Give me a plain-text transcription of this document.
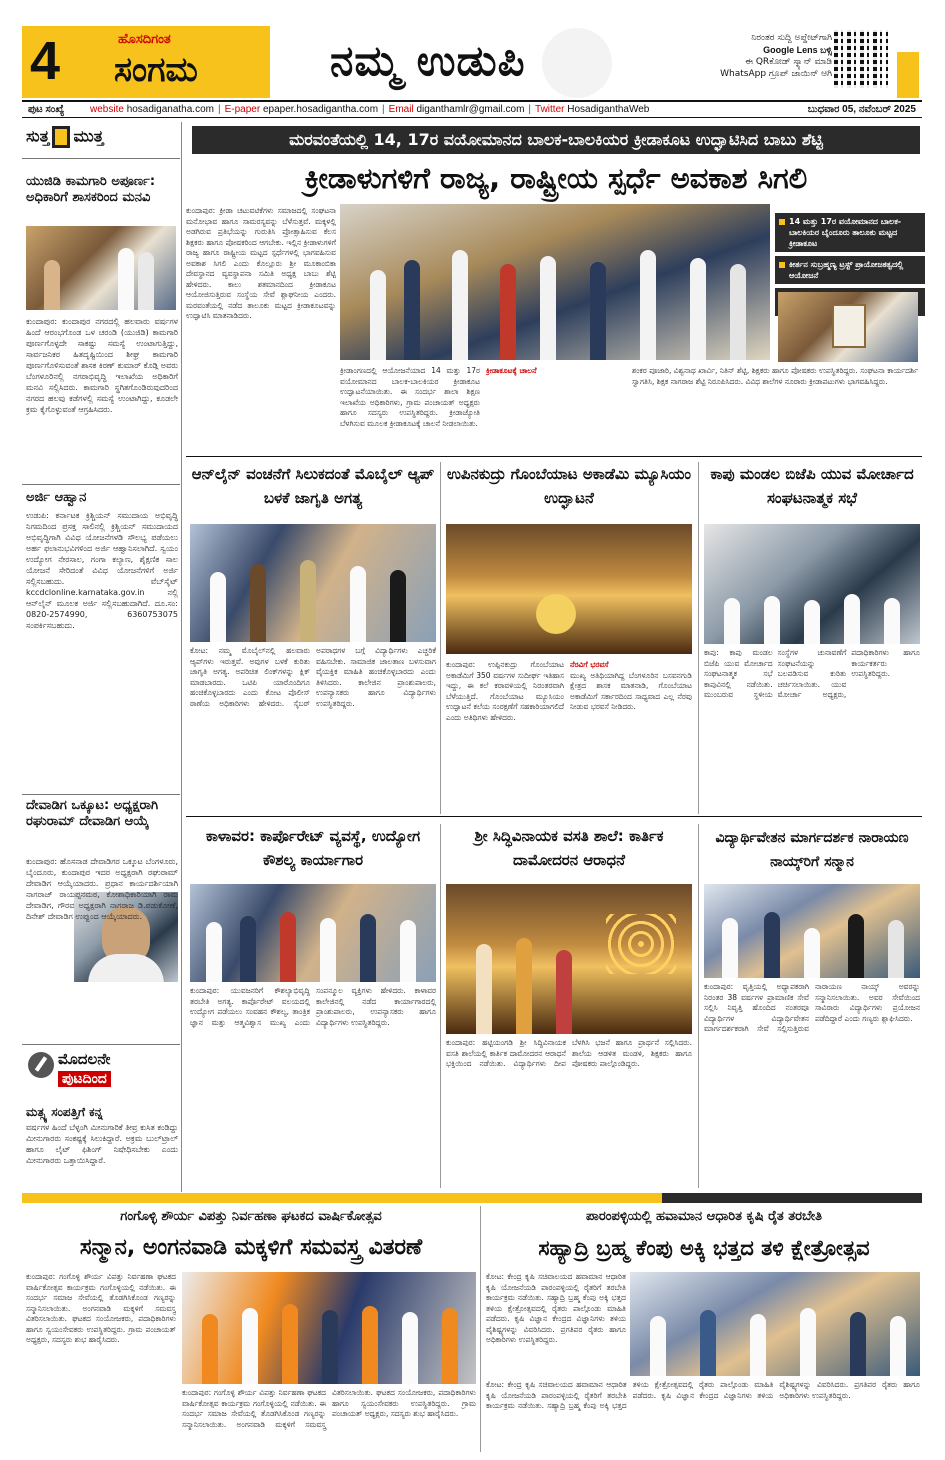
4	ಹೊಸದಿಗಂತ
ಸಂಗಮ	ನಮ್ಮ ಉಡುಪಿ	ನಿರಂತರ ಸುದ್ದಿ ಅಪ್ಡೇಟ್‌ಗಾಗಿ
Google Lens ಬಳ್ಸಿ
ಈ QRಕೋಡ್ ಸ್ಕ್ಯಾನ್ ಮಾಡಿ
WhatsApp ಗ್ರೂಪ್ ಜಾಯಿನ್ ಆಗಿ
ಪುಟ ಸಂಖ್ಯೆ	website
hosadiganatha.com | E-paper
epaper.hosadigantha.com | Email
diganthamlr@gmail.com | Twitter
HosadiganthaWeb	ಬುಧವಾರ 05, ನವೆಂಬರ್ 2025
ಸುತ್ತ ಮುತ್ತ
ಯುಜಿಡಿ ಕಾಮಗಾರಿ ಅಪೂರ್ಣ: ಅಧಿಕಾರಿಗೆ ಶಾಸಕರಿಂದ ಮನವಿ
ಕುಂದಾಪುರ: ಕುಂದಾಪುರ ನಗರದಲ್ಲಿ ಹಲವಾರು ವರ್ಷಗಳ ಹಿಂದೆ ಆರಂಭಗೊಂಡ ಒಳ ಚರಂಡಿ (ಯುಜಿಡಿ) ಕಾಮಗಾರಿ ಪೂರ್ಣಗೊಳ್ಳದೇ ಸಾಕಷ್ಟು ಸಮಸ್ಯೆ ಉಂಟಾಗುತ್ತಿದ್ದು, ಸಾರ್ವಜನಿಕರ ಹಿತದೃಷ್ಟಿಯಿಂದ ಶೀಘ್ರ ಕಾಮಗಾರಿ ಪೂರ್ಣಗೊಳಿಸುವಂತೆ ಶಾಸಕ ಕಿರಣ್ ಕುಮಾರ್ ಕೊಡ್ಗಿ ಅವರು ಬೆಂಗಳೂರಿನಲ್ಲಿ ನಗರಾಭಿವೃದ್ಧಿ ಇಲಾಖೆಯ ಅಧಿಕಾರಿಗೆ ಮನವಿ ಸಲ್ಲಿಸಿದರು. ಕಾಮಗಾರಿ ಸ್ಥಗಿತಗೊಂಡಿರುವುದರಿಂದ ನಗರದ ಹಲವು ಕಡೆಗಳಲ್ಲಿ ಸಮಸ್ಯೆ ಉಂಟಾಗಿದ್ದು, ಕೂಡಲೇ ಕ್ರಮ ಕೈಗೊಳ್ಳುವಂತೆ ಆಗ್ರಹಿಸಿದರು.
ಅರ್ಜಿ ಆಹ್ವಾನ
ಉಡುಪಿ: ಕರ್ನಾಟಕ ಕ್ರಿಶ್ಚಿಯನ್ ಸಮುದಾಯ ಅಭಿವೃದ್ಧಿ ನಿಗಮದಿಂದ ಪ್ರಸಕ್ತ ಸಾಲಿನಲ್ಲಿ ಕ್ರಿಶ್ಚಿಯನ್ ಸಮುದಾಯದ ಅಭಿವೃದ್ಧಿಗಾಗಿ ವಿವಿಧ ಯೋಜನೆಗಳಡಿ ಸೌಲಭ್ಯ ಪಡೆಯಲು ಅರ್ಹ ಫಲಾನುಭವಿಗಳಿಂದ ಅರ್ಜಿ ಆಹ್ವಾನಿಸಲಾಗಿದೆ. ಸ್ವಯಂ ಉದ್ಯೋಗ ನೇರಸಾಲ, ಗಂಗಾ ಕಲ್ಯಾಣ, ಶೈಕ್ಷಣಿಕ ಸಾಲ ಯೋಜನೆ ಸೇರಿದಂತೆ ವಿವಿಧ ಯೋಜನೆಗಳಿಗೆ ಅರ್ಜಿ ಸಲ್ಲಿಸಬಹುದು. ವೆಬ್‌ಸೈಟ್ kccdclonline.karnataka.gov.in ನಲ್ಲಿ ಆನ್‌ಲೈನ್ ಮೂಲಕ ಅರ್ಜಿ ಸಲ್ಲಿಸಬಹುದಾಗಿದೆ. ದೂ.ಸಂ: 0820-2574990, 6360753075 ಸಂಪರ್ಕಿಸಬಹುದು.
ದೇವಾಡಿಗ ಒಕ್ಕೂಟ: ಅಧ್ಯಕ್ಷರಾಗಿ ರಘುರಾಮ್ ದೇವಾಡಿಗ ಆಯ್ಕೆ
ಕುಂದಾಪುರ: ಹೊಸನಾಡ ದೇವಾಡಿಗರ ಒಕ್ಕೂಟ ಬೆಂಗಳೂರು, ಬೈಂದೂರು, ಕುಂದಾಪುರ ಇದರ ಅಧ್ಯಕ್ಷರಾಗಿ ರಘುರಾಮ್ ದೇವಾಡಿಗ ಆಯ್ಕೆಯಾದರು. ಪ್ರಧಾನ ಕಾರ್ಯದರ್ಶಿಯಾಗಿ ನಾಗರಾಜ್ ರಾಯಪ್ಪನಮಠ, ಕೋಶಾಧಿಕಾರಿಯಾಗಿ ರಾಮ ದೇವಾಡಿಗ, ಗೌರವ ಅಧ್ಯಕ್ಷರಾಗಿ ನಾಗರಾಜ ಡಿ.ಪಡುಕೋಣೆ, ದಿನೇಶ್ ದೇವಾಡಿಗ ಉಪ್ಪುಂದ ಆಯ್ಕೆಯಾದರು.
ಮೊದಲನೇ
ಪುಟದಿಂದ
ಮತ್ಸ್ಯ ಸಂಪತ್ತಿಗೆ ಕನ್ನ
ವರ್ಷಗಳ ಹಿಂದೆ ಬೆಳ್ಳಂಗಿ ಮೀನುಗಾರಿಕೆ ತೀವ್ರ ಕುಸಿತ ಕಂಡಿದ್ದು ಮೀನುಗಾರರು ಸಂಕಷ್ಟಕ್ಕೆ ಸಿಲುಕಿದ್ದಾರೆ. ಅಕ್ರಮ ಬುಲ್‌ಟ್ರಾಲ್ ಹಾಗೂ ಲೈಟ್ ಫಿಶಿಂಗ್ ನಿಷೇಧಿಸಬೇಕು ಎಂದು ಮೀನುಗಾರರು ಒತ್ತಾಯಿಸಿದ್ದಾರೆ.
ಮರವಂತೆಯಲ್ಲಿ 14, 17ರ ವಯೋಮಾನದ ಬಾಲಕ-ಬಾಲಕಿಯರ ಕ್ರೀಡಾಕೂಟ ಉದ್ಘಾಟಿಸಿದ ಬಾಬು ಶೆಟ್ಟಿ
ಕ್ರೀಡಾಳುಗಳಿಗೆ ರಾಜ್ಯ, ರಾಷ್ಟ್ರೀಯ ಸ್ಪರ್ಧೆ ಅವಕಾಶ ಸಿಗಲಿ
ಕುಂದಾಪುರ: ಕ್ರೀಡಾ ಚಟುವಟಿಕೆಗಳು ಸಮಾಜದಲ್ಲಿ ಸಂಘಟನಾ ಮನೋಭಾವ ಹಾಗೂ ಸಾಮರಸ್ಯವನ್ನು ಬೆಳೆಸುತ್ತವೆ. ಮಕ್ಕಳಲ್ಲಿ ಅಡಗಿರುವ ಪ್ರತಿಭೆಯನ್ನು ಗುರುತಿಸಿ ಪ್ರೋತ್ಸಾಹಿಸುವ ಕೆಲಸ ಶಿಕ್ಷಕರು ಹಾಗೂ ಪೋಷಕರಿಂದ ಆಗಬೇಕು. ಇಲ್ಲಿನ ಕ್ರೀಡಾಳುಗಳಿಗೆ ರಾಜ್ಯ ಹಾಗೂ ರಾಷ್ಟ್ರೀಯ ಮಟ್ಟದ ಸ್ಪರ್ಧೆಗಳಲ್ಲಿ ಭಾಗವಹಿಸುವ ಅವಕಾಶ ಸಿಗಲಿ ಎಂದು ಕೊಲ್ಲೂರು ಶ್ರೀ ಮೂಕಾಂಬಿಕಾ ದೇವಸ್ಥಾನದ ವ್ಯವಸ್ಥಾಪನಾ ಸಮಿತಿ ಅಧ್ಯಕ್ಷ ಬಾಬು ಶೆಟ್ಟಿ ಹೇಳಿದರು. ಕಾಲು ಶತಮಾನದಿಂದ ಕ್ರೀಡಾಕೂಟ ಆಯೋಜಿಸುತ್ತಿರುವ ಸಂಸ್ಥೆಯ ಸೇವೆ ಶ್ಲಾಘನೀಯ ಎಂದರು. ಮರವಂತೆಯಲ್ಲಿ ನಡೆದ ತಾಲೂಕು ಮಟ್ಟದ ಕ್ರೀಡಾಕೂಟವನ್ನು ಉದ್ಘಾಟಿಸಿ ಮಾತನಾಡಿದರು.
14 ಮತ್ತು 17ರ ವಯೋಮಾನದ ಬಾಲಕ-ಬಾಲಕಿಯರ ಬೈಂದೂರು ತಾಲೂಕು ಮಟ್ಟದ ಕ್ರೀಡಾಕೂಟ
ಕೀರ್ತನ ಸುಬ್ರಹ್ಮಣ್ಯ ಟ್ರಸ್ಟ್ ಪ್ರಾಯೋಜಕತ್ವದಲ್ಲಿ ಆಯೋಜನೆ
ಕ್ರೀಡಾಂಗಣದಲ್ಲಿ ಆಯೋಜನೆಯಾದ 14 ಮತ್ತು 17ರ ವಯೋಮಾನದ ಬಾಲಕ-ಬಾಲಕಿಯರ ಕ್ರೀಡಾಕೂಟ ಉದ್ಘಾಟನೆಯಾಯಿತು. ಈ ಸಂದರ್ಭ ಶಾಲಾ ಶಿಕ್ಷಣ ಇಲಾಖೆಯ ಅಧಿಕಾರಿಗಳು, ಗ್ರಾಮ ಪಂಚಾಯತ್ ಅಧ್ಯಕ್ಷರು ಹಾಗೂ ಸದಸ್ಯರು ಉಪಸ್ಥಿತರಿದ್ದರು. ಕ್ರೀಡಾಜ್ಯೋತಿ ಬೆಳಗಿಸುವ ಮೂಲಕ ಕ್ರೀಡಾಕೂಟಕ್ಕೆ ಚಾಲನೆ ನೀಡಲಾಯಿತು.
ಕ್ರೀಡಾಕೂಟಕ್ಕೆ ಚಾಲನೆ	ಶಂಕರ ಪೂಜಾರಿ, ವಿಶ್ವನಾಥ ಖಾರ್ವಿ, ನಿತಿನ್ ಶೆಟ್ಟಿ, ಶಿಕ್ಷಕರು ಹಾಗೂ ಪೋಷಕರು ಉಪಸ್ಥಿತರಿದ್ದರು. ಸಂಘಟನಾ ಕಾರ್ಯದರ್ಶಿ ಸ್ವಾಗತಿಸಿ, ಶಿಕ್ಷಕ ನಾಗರಾಜ ಶೆಟ್ಟಿ ನಿರೂಪಿಸಿದರು. ವಿವಿಧ ಶಾಲೆಗಳ ನೂರಾರು ಕ್ರೀಡಾಪಟುಗಳು ಭಾಗವಹಿಸಿದ್ದರು.
ಆನ್‌ಲೈನ್ ವಂಚನೆಗೆ ಸಿಲುಕದಂತೆ ಮೊಬೈಲ್ ಆ್ಯಪ್ ಬಳಕೆ ಜಾಗೃತಿ ಅಗತ್ಯ
ಕೋಟ: ನಮ್ಮ ಮೊಬೈಲ್‌ನಲ್ಲಿ ಹಲವಾರು ಆ್ಯಪ್‌ಗಳು ಇರುತ್ತವೆ. ಅವುಗಳ ಬಳಕೆ ಕುರಿತು ಜಾಗೃತಿ ಅಗತ್ಯ. ಅಪರಿಚಿತ ಲಿಂಕ್‌ಗಳನ್ನು ಕ್ಲಿಕ್ ಮಾಡಬಾರದು. ಒಟಿಪಿ ಯಾರೊಂದಿಗೂ ಹಂಚಿಕೊಳ್ಳಬಾರದು ಎಂದು ಕೋಟ ಪೊಲೀಸ್ ಠಾಣೆಯ ಅಧಿಕಾರಿಗಳು ಹೇಳಿದರು. ಸೈಬರ್ ಅಪರಾಧಗಳ ಬಗ್ಗೆ ವಿದ್ಯಾರ್ಥಿಗಳು ಎಚ್ಚರಿಕೆ ವಹಿಸಬೇಕು. ಸಾಮಾಜಿಕ ಜಾಲತಾಣ ಬಳಸುವಾಗ ವೈಯಕ್ತಿಕ ಮಾಹಿತಿ ಹಂಚಿಕೊಳ್ಳಬಾರದು ಎಂದು ತಿಳಿಸಿದರು. ಕಾಲೇಜಿನ ಪ್ರಾಂಶುಪಾಲರು, ಉಪನ್ಯಾಸಕರು ಹಾಗೂ ವಿದ್ಯಾರ್ಥಿಗಳು ಉಪಸ್ಥಿತರಿದ್ದರು.
ಉಪಿನಕುದ್ರು ಗೊಂಬೆಯಾಟ ಅಕಾಡೆಮಿ ಮ್ಯೂಸಿಯಂ ಉದ್ಘಾಟನೆ
ಕುಂದಾಪುರ: ಉಪ್ಪಿನಕುದ್ರು ಗೊಂಬೆಯಾಟ ಅಕಾಡೆಮಿಗೆ 350 ವರ್ಷಗಳ ಸುದೀರ್ಘ ಇತಿಹಾಸ ಇದ್ದು, ಈ ಕಲೆ ಕರಾವಳಿಯಲ್ಲಿ ನಿರಂತರವಾಗಿ ಬೆಳೆಯುತ್ತಿದೆ. ಗೊಂಬೆಯಾಟ ಮ್ಯೂಸಿಯಂ ಉದ್ಘಾಟನೆ ಕಲೆಯ ಸಂರಕ್ಷಣೆಗೆ ಸಹಕಾರಿಯಾಗಲಿದೆ ಎಂದು ಅತಿಥಿಗಳು ಹೇಳಿದರು.
ನೆರವಿಗೆ ಭರವಸೆ
ಮುಖ್ಯ ಅತಿಥಿಯಾಗಿದ್ದ ಬೆಂಗಳೂರಿನ ಬಸವನಗುಡಿ ಕ್ಷೇತ್ರದ ಶಾಸಕ ಮಾತನಾಡಿ, ಗೊಂಬೆಯಾಟ ಅಕಾಡೆಮಿಗೆ ಸರ್ಕಾರದಿಂದ ಸಾಧ್ಯವಾದ ಎಲ್ಲ ನೆರವು ನೀಡುವ ಭರವಸೆ ನೀಡಿದರು.
ಕಾಪು ಮಂಡಲ ಬಿಜೆಪಿ ಯುವ ಮೋರ್ಚಾದ ಸಂಘಟನಾತ್ಮಕ ಸಭೆ
ಕಾಪು: ಕಾಪು ಮಂಡಲ ಬಿಜೆಪಿ ಯುವ ಮೋರ್ಚಾದ ಸಂಘಟನಾತ್ಮಕ ಸಭೆ ಕಾಪುವಿನಲ್ಲಿ ನಡೆಯಿತು. ಮುಂಬರುವ ಸ್ಥಳೀಯ ಸಂಸ್ಥೆಗಳ ಚುನಾವಣೆಗೆ ಸಂಘಟನೆಯನ್ನು ಬಲಪಡಿಸುವ ಕುರಿತು ಚರ್ಚಿಸಲಾಯಿತು. ಯುವ ಮೋರ್ಚಾ ಅಧ್ಯಕ್ಷರು, ಪದಾಧಿಕಾರಿಗಳು ಹಾಗೂ ಕಾರ್ಯಕರ್ತರು ಉಪಸ್ಥಿತರಿದ್ದರು.
ಕಾಳಾವರ: ಕಾರ್ಪೊರೇಟ್ ವ್ಯವಸ್ಥೆ, ಉದ್ಯೋಗ ಕೌಶಲ್ಯ ಕಾರ್ಯಾಗಾರ
ಕುಂದಾಪುರ: ಯುವಜನರಿಗೆ ಕೌಶಲ್ಯಾಭಿವೃದ್ಧಿ ತರಬೇತಿ ಅಗತ್ಯ. ಕಾರ್ಪೊರೇಟ್ ವಲಯದಲ್ಲಿ ಉದ್ಯೋಗ ಪಡೆಯಲು ಸಂವಹನ ಕೌಶಲ್ಯ, ತಾಂತ್ರಿಕ ಜ್ಞಾನ ಮತ್ತು ಆತ್ಮವಿಶ್ವಾಸ ಮುಖ್ಯ ಎಂದು ಸಂಪನ್ಮೂಲ ವ್ಯಕ್ತಿಗಳು ಹೇಳಿದರು. ಕಾಳಾವರ ಕಾಲೇಜಿನಲ್ಲಿ ನಡೆದ ಕಾರ್ಯಾಗಾರದಲ್ಲಿ ಪ್ರಾಂಶುಪಾಲರು, ಉಪನ್ಯಾಸಕರು ಹಾಗೂ ವಿದ್ಯಾರ್ಥಿಗಳು ಉಪಸ್ಥಿತರಿದ್ದರು.
ಶ್ರೀ ಸಿದ್ಧಿವಿನಾಯಕ ವಸತಿ ಶಾಲೆ: ಕಾರ್ತಿಕ ದಾಮೋದರನ ಆರಾಧನೆ
ಕುಂದಾಪುರ: ಹಟ್ಟಿಯಂಗಡಿ ಶ್ರೀ ಸಿದ್ಧಿವಿನಾಯಕ ವಸತಿ ಶಾಲೆಯಲ್ಲಿ ಕಾರ್ತಿಕ ದಾಮೋದರನ ಆರಾಧನೆ ಭಕ್ತಿಯಿಂದ ನಡೆಯಿತು. ವಿದ್ಯಾರ್ಥಿಗಳು ದೀಪ ಬೆಳಗಿಸಿ ಭಜನೆ ಹಾಗೂ ಪ್ರಾರ್ಥನೆ ಸಲ್ಲಿಸಿದರು. ಶಾಲೆಯ ಆಡಳಿತ ಮಂಡಳಿ, ಶಿಕ್ಷಕರು ಹಾಗೂ ಪೋಷಕರು ಪಾಲ್ಗೊಂಡಿದ್ದರು.
ವಿದ್ಯಾರ್ಥಿವೇತನ ಮಾರ್ಗದರ್ಶಕ ನಾರಾಯಣ ನಾಯ್ಕ್‌ರಿಗೆ ಸನ್ಮಾನ
ಕುಂದಾಪುರ: ವೃತ್ತಿಯಲ್ಲಿ ಅಧ್ಯಾಪಕರಾಗಿ ನಿರಂತರ 38 ವರ್ಷಗಳ ಪ್ರಾಮಾಣಿಕ ಸೇವೆ ಸಲ್ಲಿಸಿ ನಿವೃತ್ತಿ ಹೊಂದಿದ ನಂತರವೂ ವಿದ್ಯಾರ್ಥಿಗಳ ವಿದ್ಯಾರ್ಥಿವೇತನ ಮಾರ್ಗದರ್ಶಕರಾಗಿ ಸೇವೆ ಸಲ್ಲಿಸುತ್ತಿರುವ ನಾರಾಯಣ ನಾಯ್ಕ್ ಅವರನ್ನು ಸನ್ಮಾನಿಸಲಾಯಿತು. ಅವರ ಸೇವೆಯಿಂದ ಸಾವಿರಾರು ವಿದ್ಯಾರ್ಥಿಗಳು ಪ್ರಯೋಜನ ಪಡೆದಿದ್ದಾರೆ ಎಂದು ಗಣ್ಯರು ಶ್ಲಾಘಿಸಿದರು.
ಗಂಗೊಳ್ಳಿ ಶೌರ್ಯ ವಿಪತ್ತು ನಿರ್ವಹಣಾ ಘಟಕದ ವಾರ್ಷಿಕೋತ್ಸವ
ಸನ್ಮಾನ, ಅಂಗನವಾಡಿ ಮಕ್ಕಳಿಗೆ ಸಮವಸ್ತ್ರ ವಿತರಣೆ
ಕುಂದಾಪುರ: ಗಂಗೊಳ್ಳಿ ಶೌರ್ಯ ವಿಪತ್ತು ನಿರ್ವಹಣಾ ಘಟಕದ ವಾರ್ಷಿಕೋತ್ಸವ ಕಾರ್ಯಕ್ರಮ ಗಂಗೊಳ್ಳಿಯಲ್ಲಿ ನಡೆಯಿತು. ಈ ಸಂದರ್ಭ ಸಮಾಜ ಸೇವೆಯಲ್ಲಿ ತೊಡಗಿಸಿಕೊಂಡ ಗಣ್ಯರನ್ನು ಸನ್ಮಾನಿಸಲಾಯಿತು. ಅಂಗನವಾಡಿ ಮಕ್ಕಳಿಗೆ ಸಮವಸ್ತ್ರ ವಿತರಿಸಲಾಯಿತು. ಘಟಕದ ಸಂಯೋಜಕರು, ಪದಾಧಿಕಾರಿಗಳು ಹಾಗೂ ಸ್ವಯಂಸೇವಕರು ಉಪಸ್ಥಿತರಿದ್ದರು. ಗ್ರಾಮ ಪಂಚಾಯತ್ ಅಧ್ಯಕ್ಷರು, ಸದಸ್ಯರು ಶುಭ ಹಾರೈಸಿದರು.
ಕುಂದಾಪುರ: ಗಂಗೊಳ್ಳಿ ಶೌರ್ಯ ವಿಪತ್ತು ನಿರ್ವಹಣಾ ಘಟಕದ ವಾರ್ಷಿಕೋತ್ಸವ ಕಾರ್ಯಕ್ರಮ ಗಂಗೊಳ್ಳಿಯಲ್ಲಿ ನಡೆಯಿತು. ಈ ಸಂದರ್ಭ ಸಮಾಜ ಸೇವೆಯಲ್ಲಿ ತೊಡಗಿಸಿಕೊಂಡ ಗಣ್ಯರನ್ನು ಸನ್ಮಾನಿಸಲಾಯಿತು. ಅಂಗನವಾಡಿ ಮಕ್ಕಳಿಗೆ ಸಮವಸ್ತ್ರ ವಿತರಿಸಲಾಯಿತು. ಘಟಕದ ಸಂಯೋಜಕರು, ಪದಾಧಿಕಾರಿಗಳು ಹಾಗೂ ಸ್ವಯಂಸೇವಕರು ಉಪಸ್ಥಿತರಿದ್ದರು. ಗ್ರಾಮ ಪಂಚಾಯತ್ ಅಧ್ಯಕ್ಷರು, ಸದಸ್ಯರು ಶುಭ ಹಾರೈಸಿದರು.
ಪಾರಂಪಳ್ಳಿಯಲ್ಲಿ ಹವಾಮಾನ ಆಧಾರಿತ ಕೃಷಿ ರೈತ ತರಬೇತಿ
ಸಹ್ಯಾದ್ರಿ ಬ್ರಹ್ಮ ಕೆಂಪು ಅಕ್ಕಿ ಭತ್ತದ ತಳಿ ಕ್ಷೇತ್ರೋತ್ಸವ
ಕೋಟ: ಕೇಂದ್ರ ಕೃಷಿ ಸಚಿವಾಲಯದ ಹವಾಮಾನ ಆಧಾರಿತ ಕೃಷಿ ಯೋಜನೆಯಡಿ ಪಾರಂಪಳ್ಳಿಯಲ್ಲಿ ರೈತರಿಗೆ ತರಬೇತಿ ಕಾರ್ಯಕ್ರಮ ನಡೆಯಿತು. ಸಹ್ಯಾದ್ರಿ ಬ್ರಹ್ಮ ಕೆಂಪು ಅಕ್ಕಿ ಭತ್ತದ ತಳಿಯ ಕ್ಷೇತ್ರೋತ್ಸವದಲ್ಲಿ ರೈತರು ಪಾಲ್ಗೊಂಡು ಮಾಹಿತಿ ಪಡೆದರು. ಕೃಷಿ ವಿಜ್ಞಾನ ಕೇಂದ್ರದ ವಿಜ್ಞಾನಿಗಳು ತಳಿಯ ವೈಶಿಷ್ಟ್ಯಗಳನ್ನು ವಿವರಿಸಿದರು. ಪ್ರಗತಿಪರ ರೈತರು ಹಾಗೂ ಅಧಿಕಾರಿಗಳು ಉಪಸ್ಥಿತರಿದ್ದರು.
ಕೋಟ: ಕೇಂದ್ರ ಕೃಷಿ ಸಚಿವಾಲಯದ ಹವಾಮಾನ ಆಧಾರಿತ ಕೃಷಿ ಯೋಜನೆಯಡಿ ಪಾರಂಪಳ್ಳಿಯಲ್ಲಿ ರೈತರಿಗೆ ತರಬೇತಿ ಕಾರ್ಯಕ್ರಮ ನಡೆಯಿತು. ಸಹ್ಯಾದ್ರಿ ಬ್ರಹ್ಮ ಕೆಂಪು ಅಕ್ಕಿ ಭತ್ತದ ತಳಿಯ ಕ್ಷೇತ್ರೋತ್ಸವದಲ್ಲಿ ರೈತರು ಪಾಲ್ಗೊಂಡು ಮಾಹಿತಿ ಪಡೆದರು. ಕೃಷಿ ವಿಜ್ಞಾನ ಕೇಂದ್ರದ ವಿಜ್ಞಾನಿಗಳು ತಳಿಯ ವೈಶಿಷ್ಟ್ಯಗಳನ್ನು ವಿವರಿಸಿದರು. ಪ್ರಗತಿಪರ ರೈತರು ಹಾಗೂ ಅಧಿಕಾರಿಗಳು ಉಪಸ್ಥಿತರಿದ್ದರು.
